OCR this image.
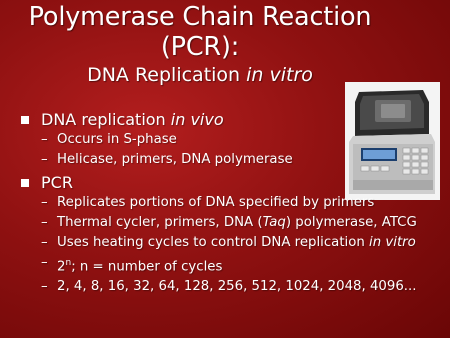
Polymerase Chain Reaction
(PCR):
DNA Replication in vitro
DNA replication in vivo
– Occurs in S-phase
– Helicase, primers, DNA polymerase
PCR
– Replicates portions of DNA specified by primers
– Thermal cycler, primers, DNA (Taq) polymerase, ATCG
– Uses heating cycles to control DNA replication in vitro
– 2$^n$; n = number of cycles
– 2, 4, 8, 16, 32, 64, 128, 256, 512, 1024, 2048, 4096...
